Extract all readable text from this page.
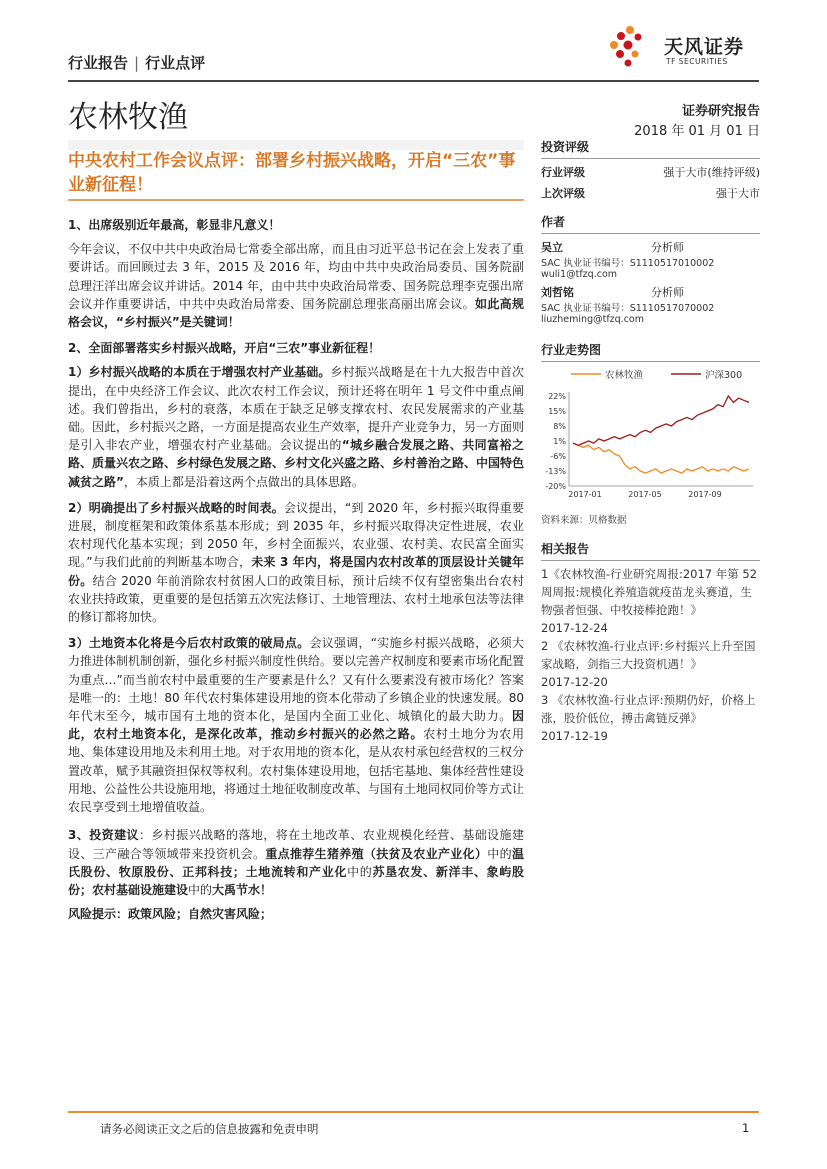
行业报告 | 行业点评
天风证券
TF SECURITIES
农林牧渔	证券研究报告
2018 年 01 月 01 日
中央农村工作会议点评：部署乡村振兴战略，开启“三农”事业新征程！

1、出席级别近年最高，彰显非凡意义！

今年会议，不仅中共中央政治局七常委全部出席，而且由习近平总书记在会上发表了重要讲话。而回顾过去 3 年，2015 及 2016 年，均由中共中央政治局委员、国务院副总理汪洋出席会议并讲话。2014 年，由中共中央政治局常委、国务院总理李克强出席会议并作重要讲话，中共中央政治局常委、国务院副总理张高丽出席会议。如此高规格会议，“乡村振兴”是关键词！

2、全面部署落实乡村振兴战略，开启“三农”事业新征程！

1）乡村振兴战略的本质在于增强农村产业基础。乡村振兴战略是在十九大报告中首次提出，在中央经济工作会议、此次农村工作会议，预计还将在明年 1 号文件中重点阐述。我们曾指出，乡村的衰落，本质在于缺乏足够支撑农村、农民发展需求的产业基础。因此，乡村振兴之路，一方面是提高农业生产效率，提升产业竞争力，另一方面则是引入非农产业，增强农村产业基础。会议提出的“城乡融合发展之路、共同富裕之路、质量兴农之路、乡村绿色发展之路、乡村文化兴盛之路、乡村善治之路、中国特色减贫之路”，本质上都是沿着这两个点做出的具体思路。

2）明确提出了乡村振兴战略的时间表。会议提出，“到 2020 年，乡村振兴取得重要进展，制度框架和政策体系基本形成；到 2035 年，乡村振兴取得决定性进展，农业农村现代化基本实现；到 2050 年，乡村全面振兴，农业强、农村美、农民富全面实现。”与我们此前的判断基本吻合，未来 3 年内，将是国内农村改革的顶层设计关键年份。结合 2020 年前消除农村贫困人口的政策目标，预计后续不仅有望密集出台农村农业扶持政策，更重要的是包括第五次宪法修订、土地管理法、农村土地承包法等法律的修订都将加快。

3）土地资本化将是今后农村政策的破局点。会议强调，“实施乡村振兴战略，必须大力推进体制机制创新，强化乡村振兴制度性供给。要以完善产权制度和要素市场化配置为重点…”而当前农村中最重要的生产要素是什么？又有什么要素没有被市场化？答案是唯一的：土地！80 年代农村集体建设用地的资本化带动了乡镇企业的快速发展。80 年代末至今，城市国有土地的资本化，是国内全面工业化、城镇化的最大助力。因此，农村土地资本化，是深化改革，推动乡村振兴的必然之路。农村土地分为农用地、集体建设用地及未利用土地。对于农用地的资本化，是从农村承包经营权的三权分置改革，赋予其融资担保权等权利。农村集体建设用地，包括宅基地、集体经营性建设用地、公益性公共设施用地，将通过土地征收制度改革、与国有土地同权同价等方式让农民享受到土地增值收益。

3、投资建议：乡村振兴战略的落地，将在土地改革、农业规模化经营、基础设施建设、三产融合等领域带来投资机会。重点推荐生猪养殖（扶贫及农业产业化）中的温氏股份、牧原股份、正邦科技；土地流转和产业化中的苏垦农发、新洋丰、象屿股份；农村基础设施建设中的大禹节水！

风险提示：政策风险；自然灾害风险；

投资评级
行业评级	强于大市(维持评级)
上次评级	强于大市
作者
吴立	分析师
SAC 执业证书编号：S1110517010002
wuli1@tfzq.com
刘哲铭	分析师
SAC 执业证书编号：S1110517070002
liuzheming@tfzq.com
行业走势图
农林牧渔	沪深300
22%
15%
8%
1%
-6%
-13%
-20%
2017-01	2017-05	2017-09
资料来源：贝格数据
相关报告
1《农林牧渔-行业研究周报:2017 年第 52 周周报:规模化养殖造就疫苗龙头赛道，生物强者恒强、中牧接棒抢跑！》
2017-12-24
2 《农林牧渔-行业点评:乡村振兴上升至国家战略，剑指三大投资机遇！》
2017-12-20
3 《农林牧渔-行业点评:预期仍好，价格上涨，股价低位，搏击禽链反弹》
2017-12-19
请务必阅读正文之后的信息披露和免责申明	1
